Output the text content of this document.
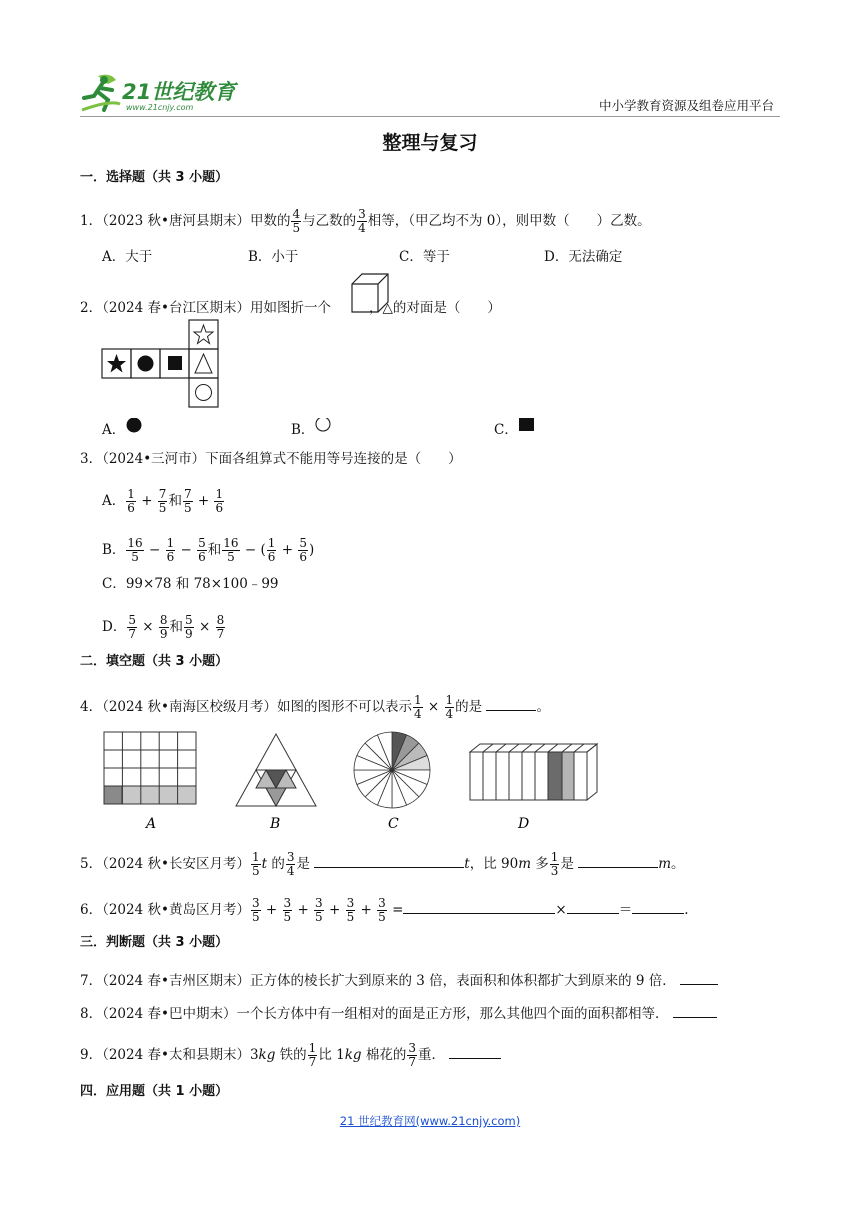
21世纪教育
www.21cnjy.com	中小学教育资源及组卷应用平台
整理与复习
一．选择题（共 3 小题）
1．（2023 秋•唐河县期末）甲数的 $\frac{4}{5}$ 与乙数的 $\frac{3}{4}$ 相等，（甲乙均不为 0），则甲数（　　）乙数。
A．大于	B．小于	C．等于	D．无法确定
2．（2024 春•台江区期末）用如图折一个	，△的对面是（　　）
A．	B．	C．
3．（2024•三河市）下面各组算式不能用等号连接的是（　　）
A． $\frac{1}{6} + \frac{7}{5}$ 和 $\frac{7}{5} + \frac{1}{6}$
B． $\frac{16}{5} - \frac{1}{6} - \frac{5}{6}$ 和 $\frac{16}{5}$ − ( $\frac{1}{6} + \frac{5}{6}$ )
C．99×78 和 78×100﹣99
D． $\frac{5}{7} \times \frac{8}{9}$ 和 $\frac{5}{9} \times \frac{8}{7}$
二．填空题（共 3 小题）
4．（2024 秋•南海区校级月考）如图的图形不可以表示 $\frac{1}{4} \times \frac{1}{4}$ 的是	。
A	B	C	D
5．（2024 秋•长安区月考） $\frac{1}{5}$ t 的 $\frac{3}{4}$ 是	t，比 90m 多 $\frac{1}{3}$ 是	m。
6．（2024 秋•黄岛区月考） $\frac{3}{5} + \frac{3}{5} + \frac{3}{5} + \frac{3}{5} + \frac{3}{5}$ =	×	＝	.
三．判断题（共 3 小题）
7．（2024 春•吉州区期末）正方体的棱长扩大到原来的 3 倍，表面积和体积都扩大到原来的 9 倍．
8．（2024 春•巴中期末）一个长方体中有一组相对的面是正方形，那么其他四个面的面积都相等．
9．（2024 春•太和县期末）3kg 铁的 $\frac{1}{7}$ 比 1kg 棉花的 $\frac{3}{7}$ 重．
四．应用题（共 1 小题）
21 世纪教育网(www.21cnjy.com)
